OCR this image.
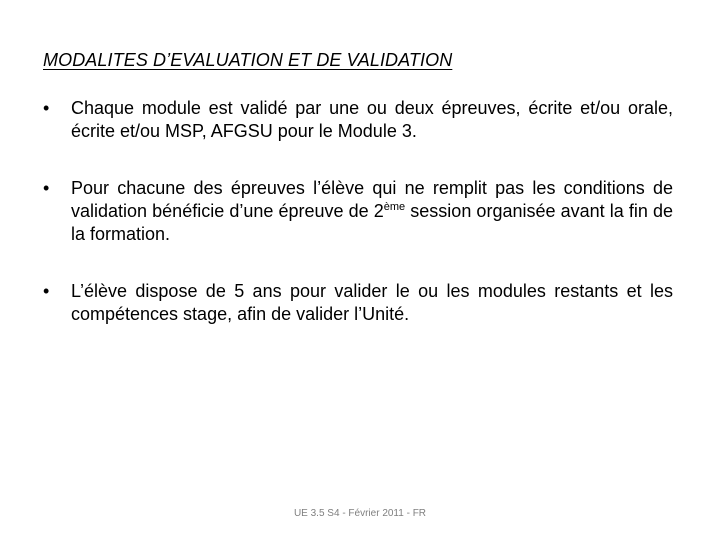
MODALITES D’EVALUATION ET DE VALIDATION
•	Chaque module est validé par une ou deux épreuves, écrite et/ou orale, écrite et/ou MSP, AFGSU pour le Module 3.
•	Pour chacune des épreuves l’élève qui ne remplit pas les conditions de validation bénéficie d’une épreuve de 2ème session organisée avant la fin de la formation.
•	L’élève dispose de 5 ans pour valider le ou les modules restants et les compétences stage, afin de valider l’Unité.
UE 3.5 S4 - Février 2011 - FR
